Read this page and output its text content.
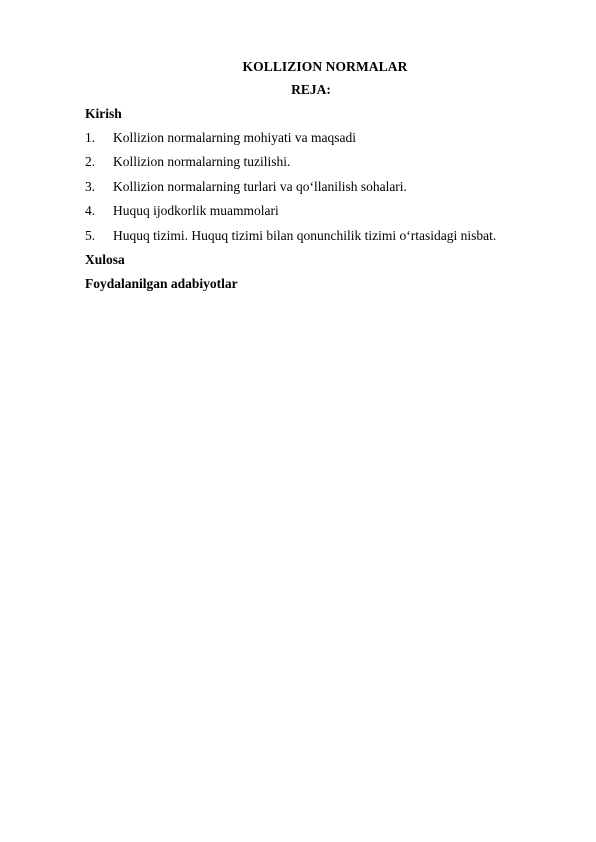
KOLLIZION NORMALAR
REJA:
Kirish
1. Kollizion normalarning mohiyati va maqsadi
2. Kollizion normalarning tuzilishi.
3. Kollizion normalarning turlari va qo‘llanilish sohalari.
4. Huquq ijodkorlik muammolari
5. Huquq tizimi. Huquq tizimi bilan qonunchilik tizimi o‘rtasidagi nisbat.
Xulosa
Foydalanilgan adabiyotlar
